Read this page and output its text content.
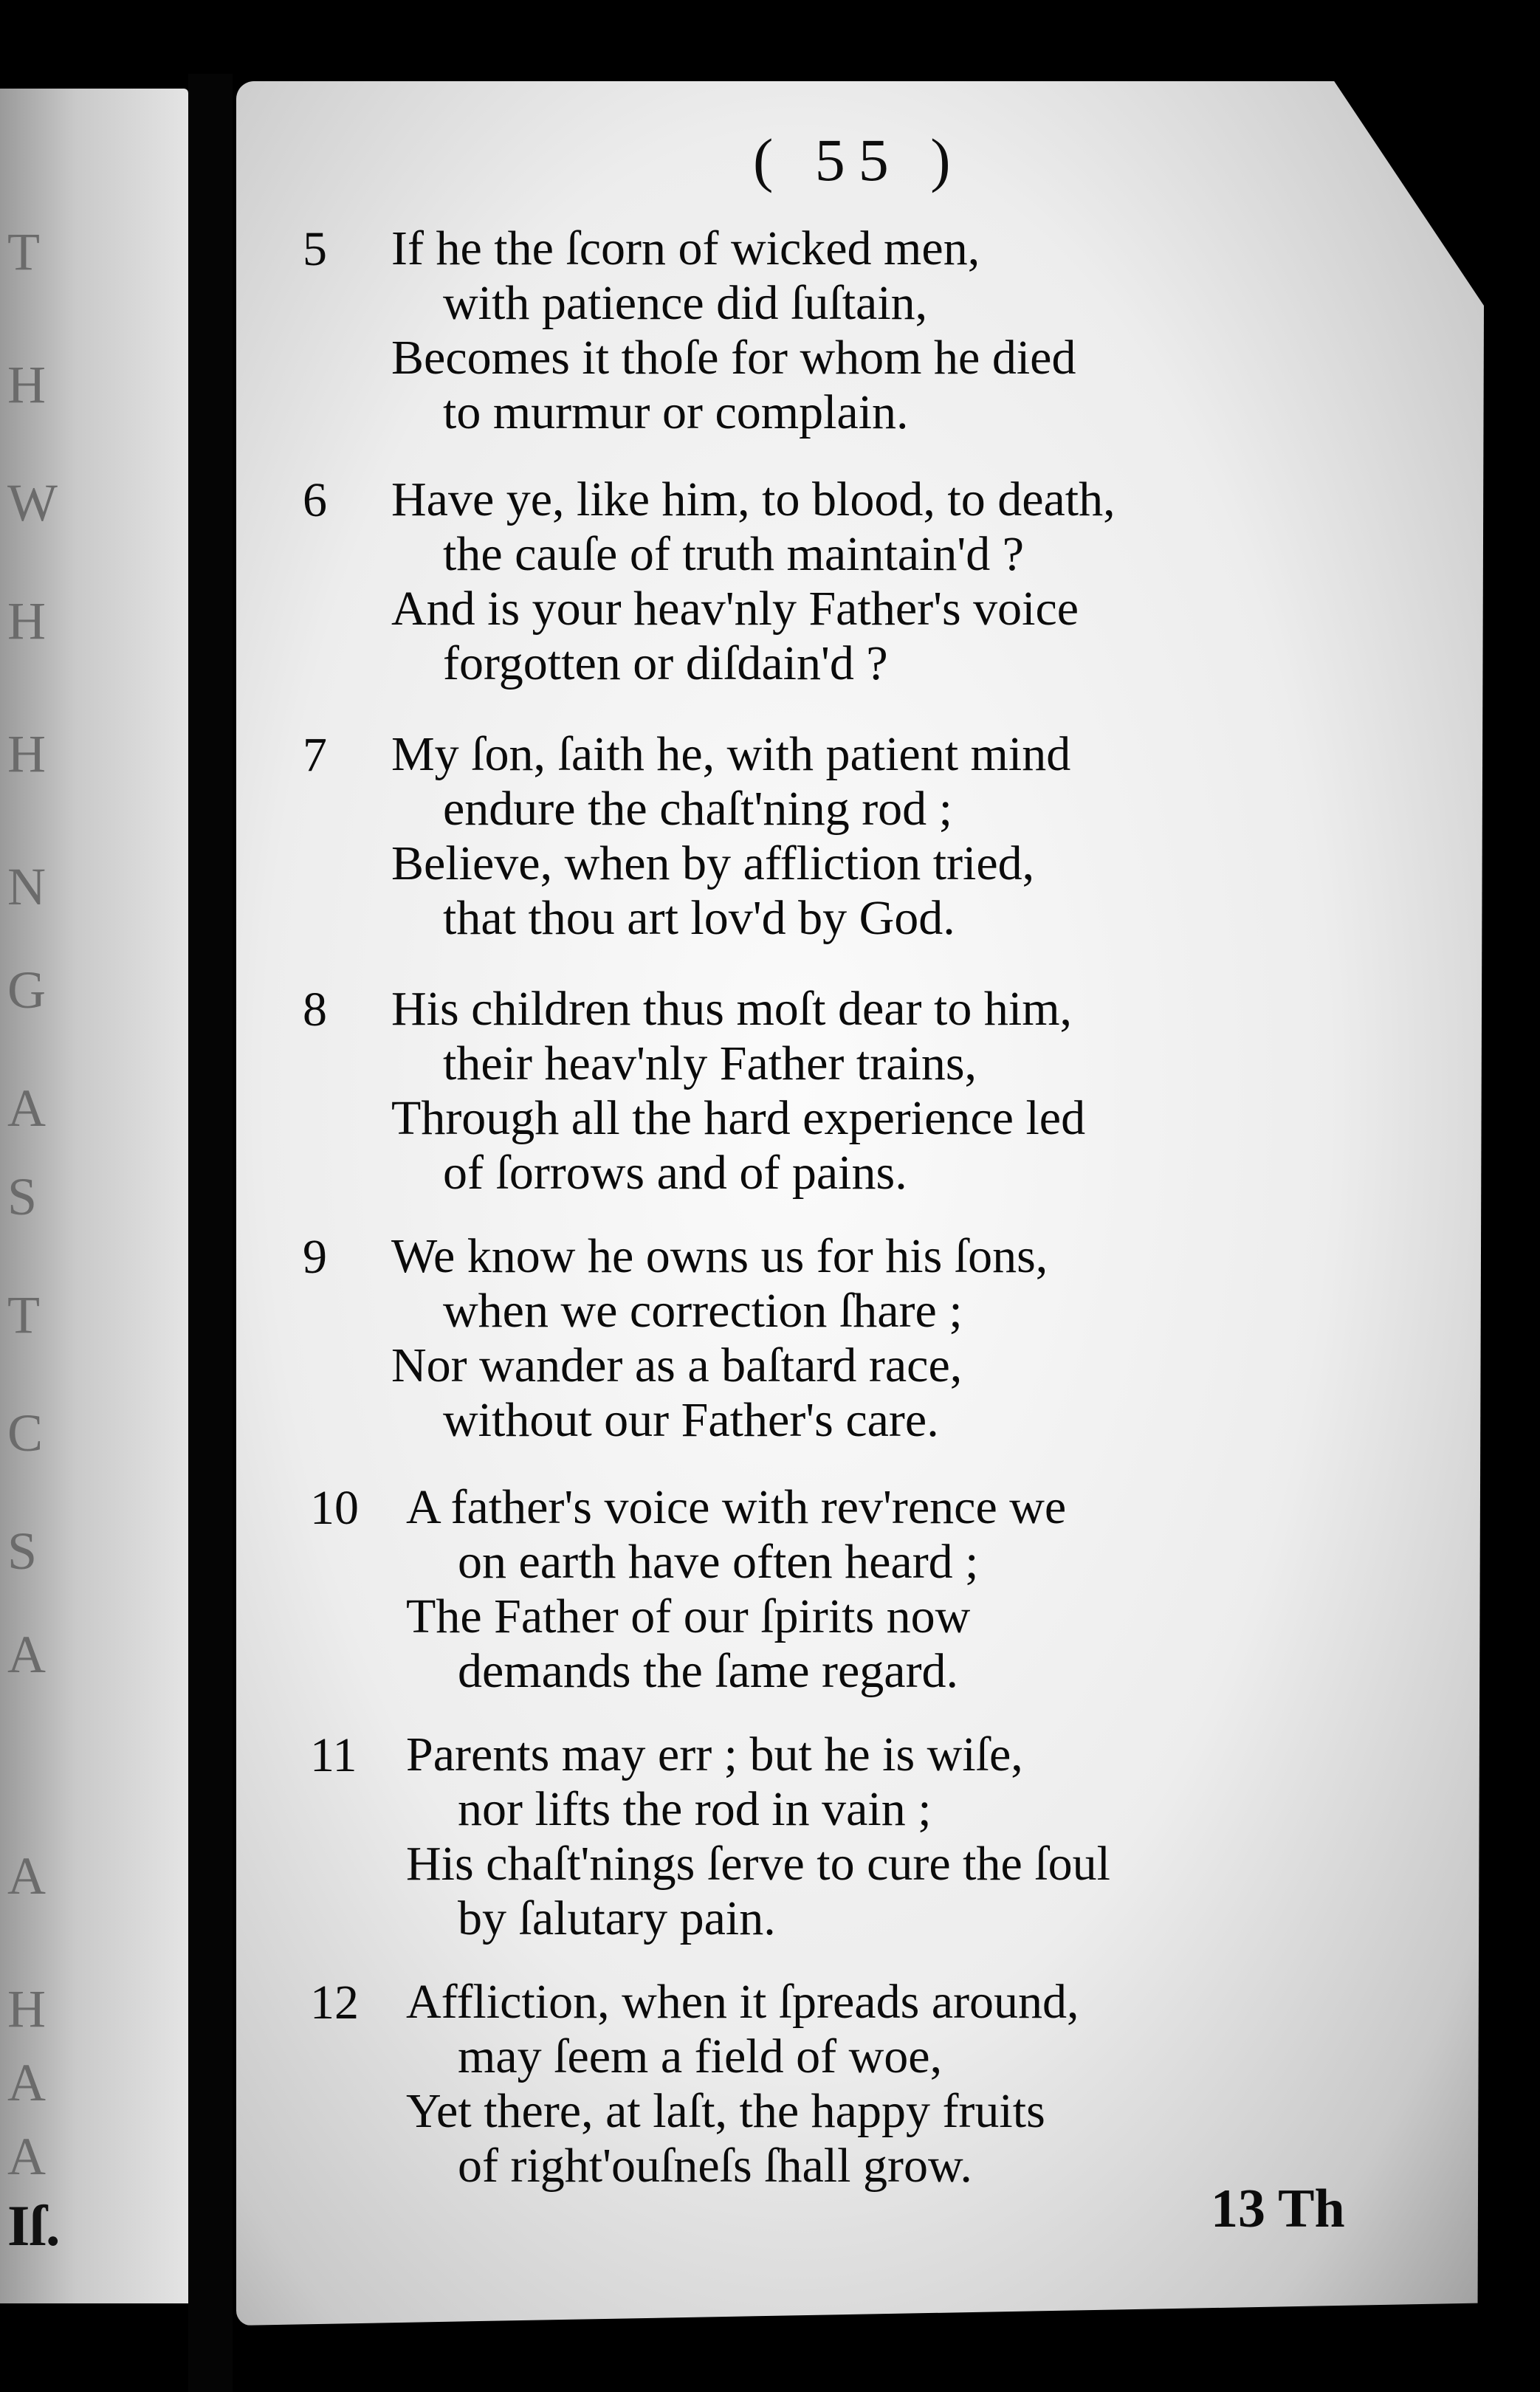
T
H
W
H
H
N
G
A
S
T
C
S
A
A
H
A
A
Iſ.
( 55 )
5	If he the ſcorn of wicked men,
with patience did ſuſtain,
Becomes it thoſe for whom he died
to murmur or complain.
6	Have ye, like him, to blood, to death,
the cauſe of truth maintain'd ?
And is your heav'nly Father's voice
forgotten or diſdain'd ?
7	My ſon, ſaith he, with patient mind
endure the chaſt'ning rod ;
Believe, when by affliction tried,
that thou art lov'd by God.
8	His children thus moſt dear to him,
their heav'nly Father trains,
Through all the hard experience led
of ſorrows and of pains.
9	We know he owns us for his ſons,
when we correction ſhare ;
Nor wander as a baſtard race,
without our Father's care.
10 A father's voice with rev'rence we
on earth have often heard ;
The Father of our ſpirits now
demands the ſame regard.
11	Parents may err ; but he is wiſe,
nor lifts the rod in vain ;
His chaſt'nings ſerve to cure the ſoul
by ſalutary pain.
12 Affliction, when it ſpreads around,
may ſeem a field of woe,
Yet there, at laſt, the happy fruits
of right'ouſneſs ſhall grow.
13 Th
